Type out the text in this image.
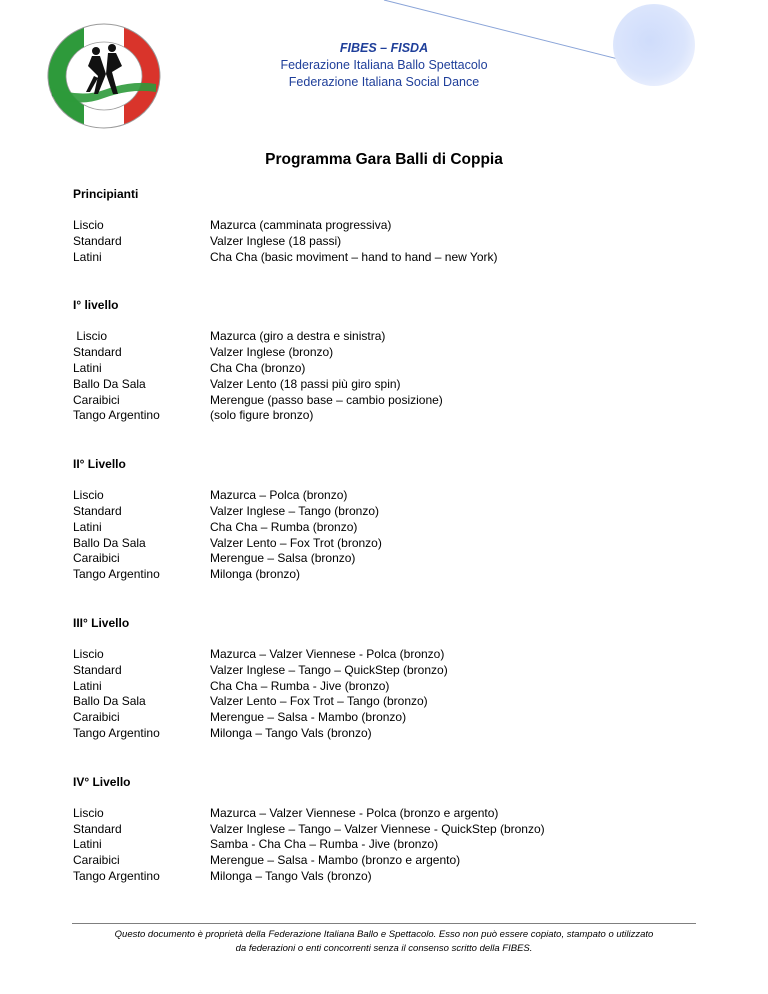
FIBES – FISDA
Federazione Italiana Ballo Spettacolo
Federazione Italiana Social Dance
Programma Gara Balli di Coppia
Principianti
Liscio	Mazurca (camminata progressiva)
Standard	Valzer Inglese (18 passi)
Latini	Cha Cha (basic moviment – hand to hand – new York)
I° livello
Liscio	Mazurca (giro a destra e sinistra)
Standard	Valzer Inglese (bronzo)
Latini	Cha Cha (bronzo)
Ballo Da Sala	Valzer Lento (18 passi più giro spin)
Caraibici	Merengue (passo base – cambio posizione)
Tango Argentino	(solo figure bronzo)
II° Livello
Liscio	Mazurca – Polca (bronzo)
Standard	Valzer Inglese – Tango (bronzo)
Latini	Cha Cha – Rumba (bronzo)
Ballo Da Sala	Valzer Lento – Fox Trot (bronzo)
Caraibici	Merengue – Salsa (bronzo)
Tango Argentino	Milonga (bronzo)
III° Livello
Liscio	Mazurca – Valzer Viennese - Polca (bronzo)
Standard	Valzer Inglese – Tango – QuickStep (bronzo)
Latini	Cha Cha – Rumba - Jive (bronzo)
Ballo Da Sala	Valzer Lento – Fox Trot – Tango (bronzo)
Caraibici	Merengue – Salsa - Mambo (bronzo)
Tango Argentino	Milonga – Tango Vals (bronzo)
IV° Livello
Liscio	Mazurca – Valzer Viennese - Polca (bronzo e argento)
Standard	Valzer Inglese – Tango – Valzer Viennese - QuickStep (bronzo)
Latini	Samba - Cha Cha – Rumba - Jive (bronzo)
Caraibici	Merengue – Salsa - Mambo (bronzo e argento)
Tango Argentino	Milonga – Tango Vals (bronzo)
Questo documento è proprietà della Federazione Italiana Ballo e Spettacolo. Esso non può essere copiato, stampato o utilizzato
da federazioni o enti concorrenti senza il consenso scritto della FIBES.
